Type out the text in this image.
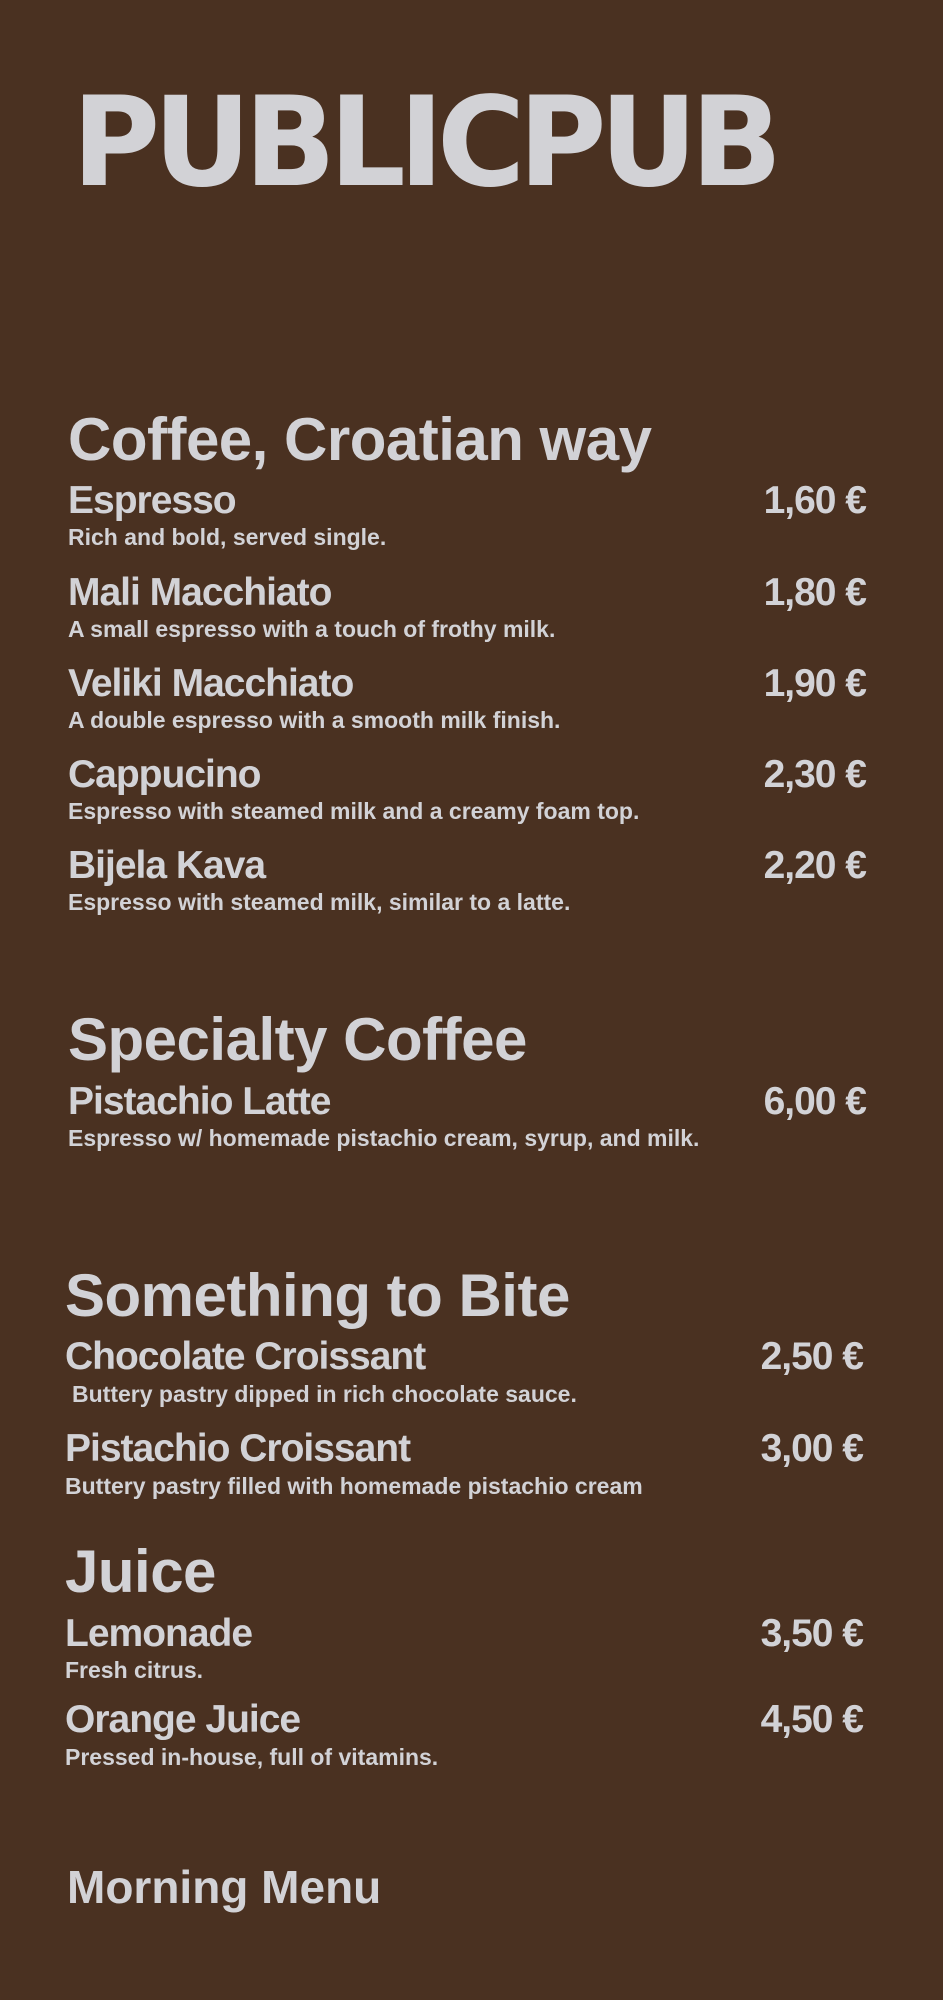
PUBLICPUB
Coffee, Croatian way
Espresso	1,60 €
Rich and bold, served single.
Mali Macchiato	1,80 €
A small espresso with a touch of frothy milk.
Veliki Macchiato	1,90 €
A double espresso with a smooth milk finish.
Cappucino	2,30 €
Espresso with steamed milk and a creamy foam top.
Bijela Kava	2,20 €
Espresso with steamed milk, similar to a latte.
Specialty Coffee
Pistachio Latte	6,00 €
Espresso w/ homemade pistachio cream, syrup, and milk.
Something to Bite
Chocolate Croissant	2,50 €
Buttery pastry dipped in rich chocolate sauce.
Pistachio Croissant	3,00 €
Buttery pastry filled with homemade pistachio cream
Juice
Lemonade	3,50 €
Fresh citrus.
Orange Juice	4,50 €
Pressed in-house, full of vitamins.
Morning Menu
